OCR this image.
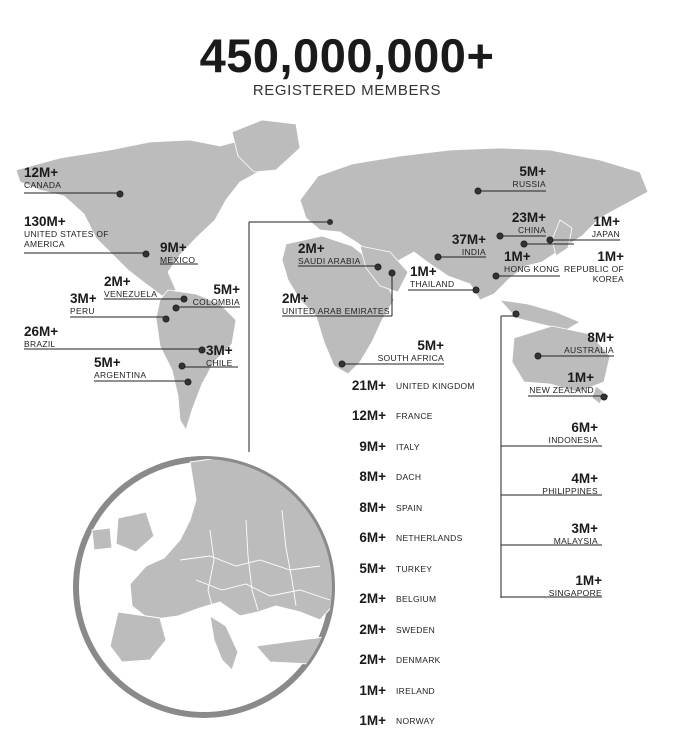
450,000,000+
REGISTERED MEMBERS
12M+
CANADA
130M+
UNITED STATES OF AMERICA	9M+
MEXICO
2M+
VENEZUELA	5M+
COLOMBIA
3M+
PERU
26M+
BRAZIL	3M+
CHILE
5M+
ARGENTINA
2M+
SAUDI ARABIA
2M+
UNITED ARAB EMIRATES
5M+
SOUTH AFRICA
5M+
RUSSIA
23M+
CHINA
1M+
JAPAN
37M+
INDIA 1M+
HONG KONG
1M+
REPUBLIC OF KOREA
1M+
THAILAND
8M+
AUSTRALIA
1M+
NEW ZEALAND
6M+
INDONESIA
4M+
PHILIPPINES
3M+
MALAYSIA
1M+
SINGAPORE
21M+ UNITED KINGDOM
12M+ FRANCE
9M+ ITALY
8M+ DACH
8M+ SPAIN
6M+ NETHERLANDS
5M+ TURKEY
2M+ BELGIUM
2M+ SWEDEN
2M+ DENMARK
1M+ IRELAND
1M+ NORWAY
